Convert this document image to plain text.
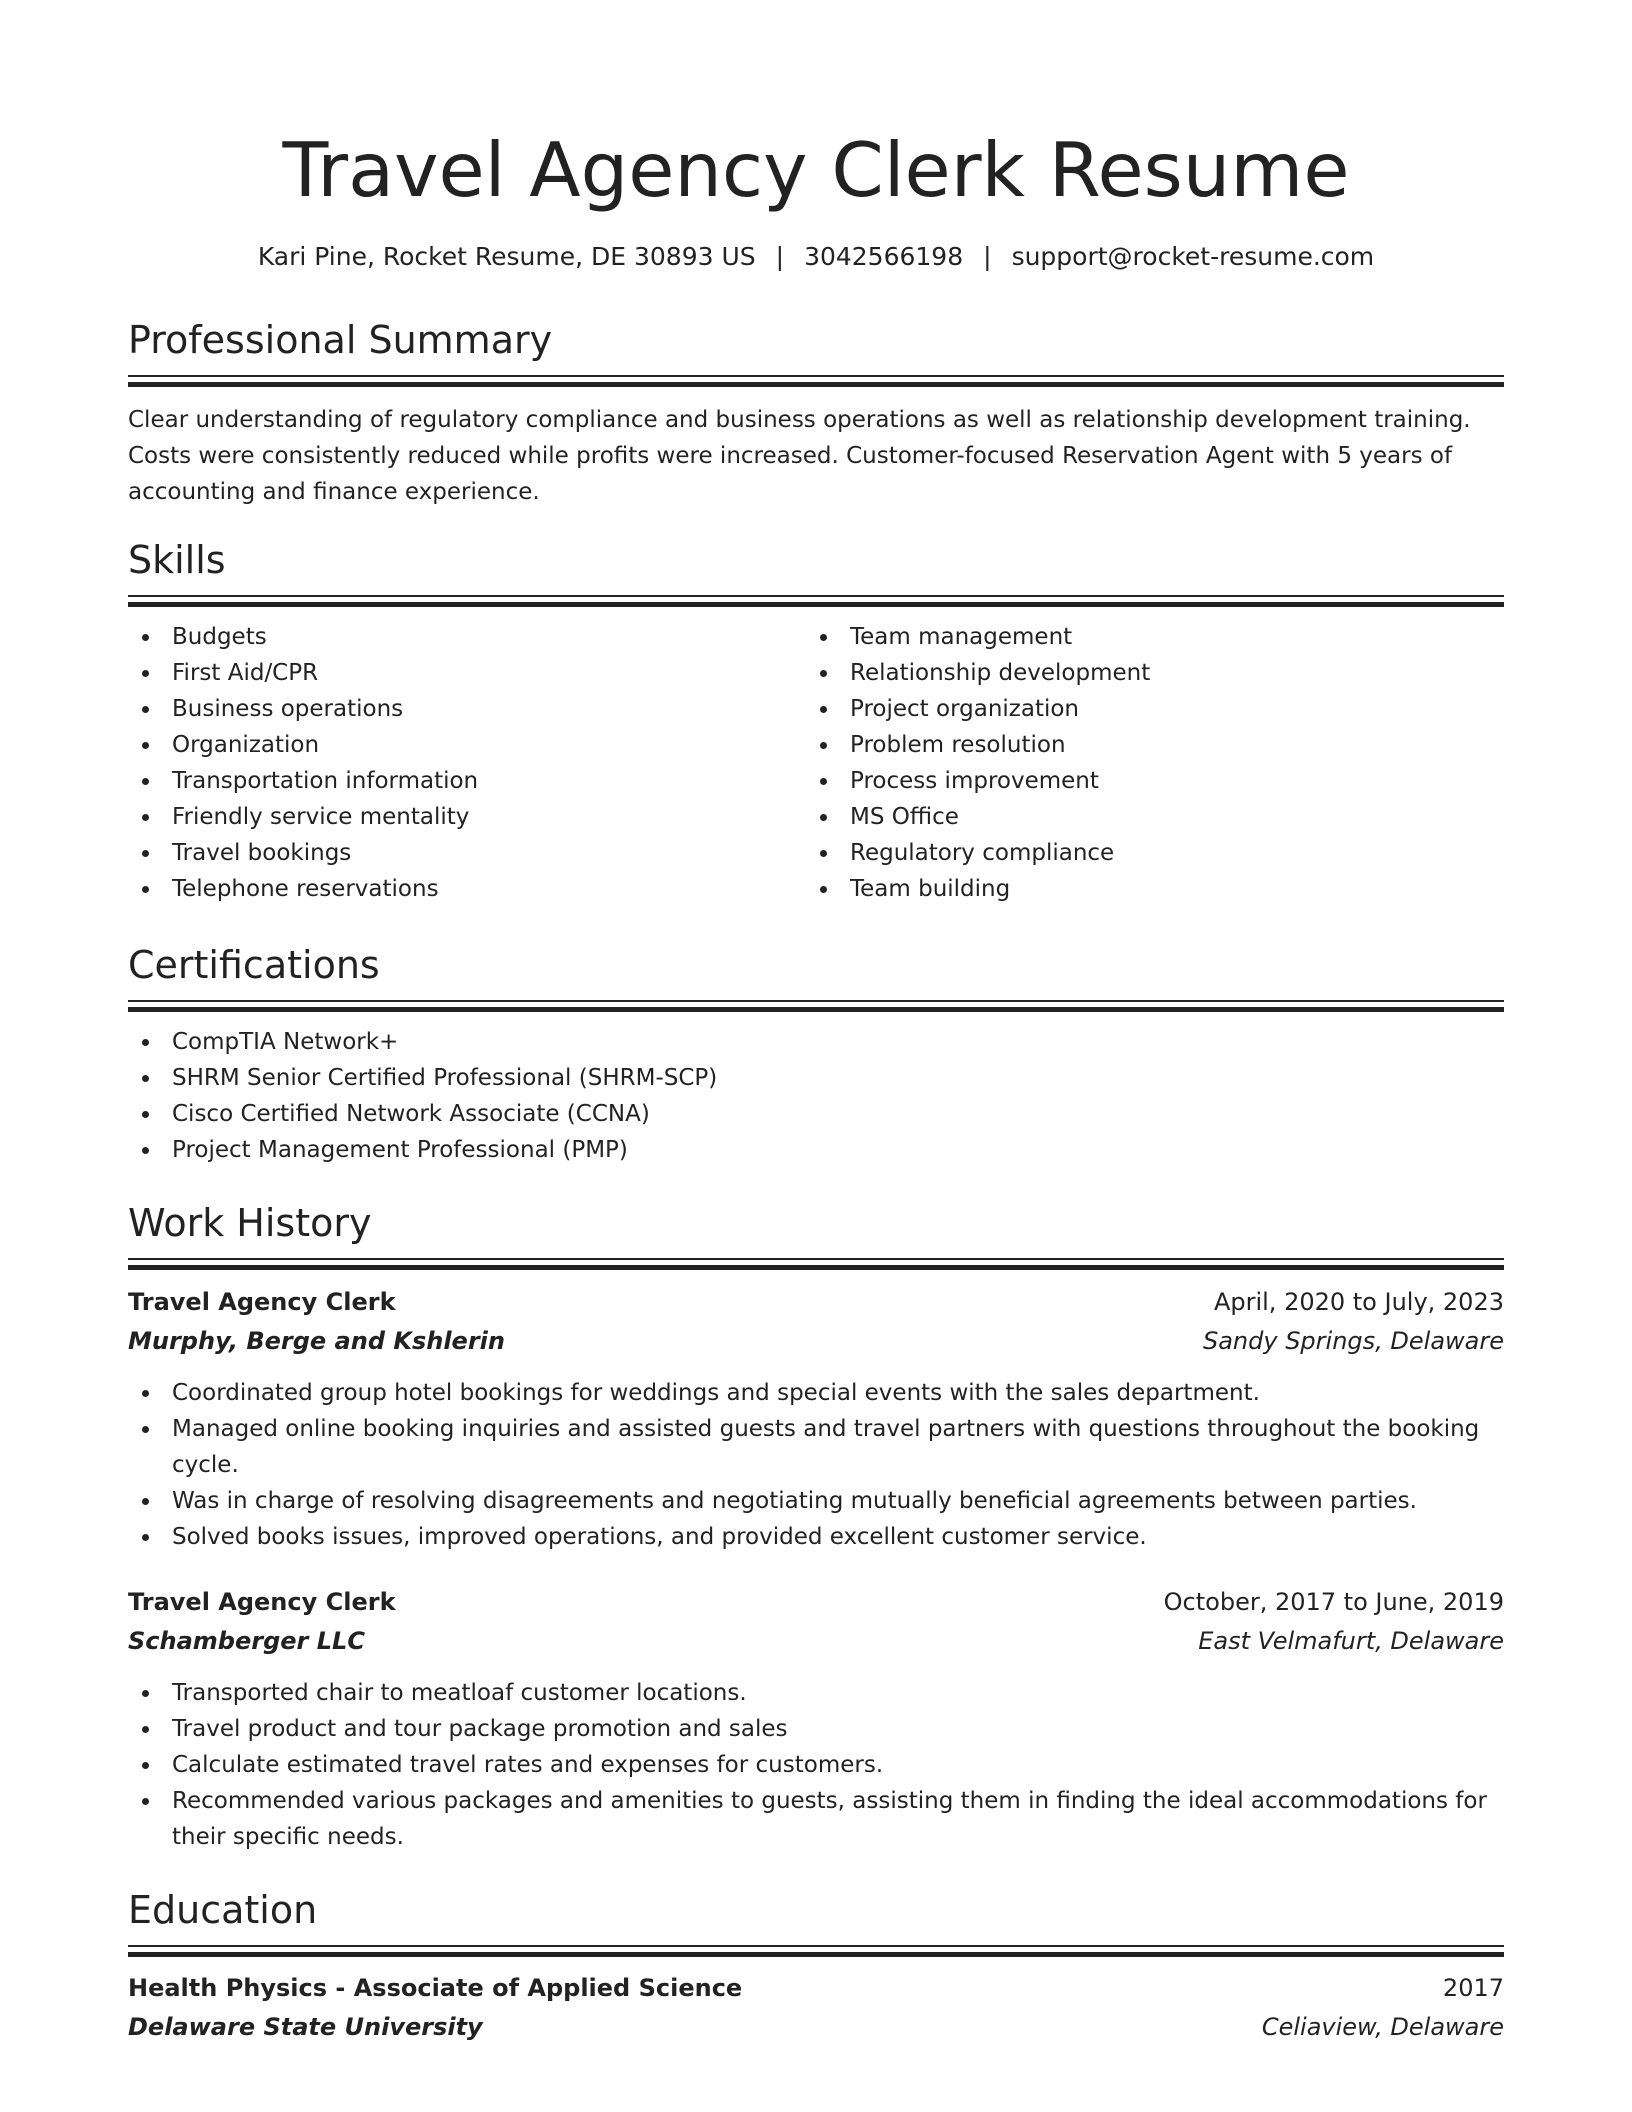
Travel Agency Clerk Resume
Kari Pine, Rocket Resume, DE 30893 US | 3042566198 | support@rocket-resume.com
Professional Summary

Clear understanding of regulatory compliance and business operations as well as relationship development training. Costs were consistently reduced while profits were increased. Customer-focused Reservation Agent with 5 years of accounting and finance experience.

Skills
Budgets
First Aid/CPR
Business operations
Organization
Transportation information
Friendly service mentality
Travel bookings
Telephone reservations
Team management
Relationship development
Project organization
Problem resolution
Process improvement
MS Office
Regulatory compliance
Team building
Certifications
CompTIA Network+
SHRM Senior Certified Professional (SHRM-SCP)
Cisco Certified Network Associate (CCNA)
Project Management Professional (PMP)
Work History
Travel Agency Clerk	April, 2020 to July, 2023
Murphy, Berge and Kshlerin	Sandy Springs, Delaware
Coordinated group hotel bookings for weddings and special events with the sales department.
Managed online booking inquiries and assisted guests and travel partners with questions throughout the booking cycle.
Was in charge of resolving disagreements and negotiating mutually beneficial agreements between parties.
Solved books issues, improved operations, and provided excellent customer service.
Travel Agency Clerk	October, 2017 to June, 2019
Schamberger LLC	East Velmafurt, Delaware
Transported chair to meatloaf customer locations.
Travel product and tour package promotion and sales
Calculate estimated travel rates and expenses for customers.
Recommended various packages and amenities to guests, assisting them in finding the ideal accommodations for their specific needs.
Education
Health Physics - Associate of Applied Science	2017
Delaware State University	Celiaview, Delaware
